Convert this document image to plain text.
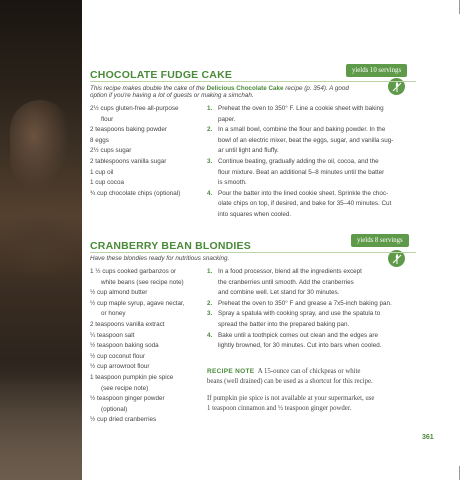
yields 10 servings
CHOCOLATE FUDGE CAKE
This recipe makes double the cake of the Delicious Chocolate Cake recipe (p. 354). A good
option if you're having a lot of guests or making a simchah.
2½ cups gluten-free all-purpose
flour
2 teaspoons baking powder
8 eggs
2½ cups sugar
2 tablespoons vanilla sugar
1 cup oil
1 cup cocoa
¾ cup chocolate chips (optional)
1. Preheat the oven to 350° F. Line a cookie sheet with baking
paper.
2. In a small bowl, combine the flour and baking powder. In the
bowl of an electric mixer, beat the eggs, sugar, and vanilla sug-
ar until light and fluffy.
3. Continue beating, gradually adding the oil, cocoa, and the
flour mixture. Beat an additional 5–8 minutes until the batter
is smooth.
4. Pour the batter into the lined cookie sheet. Sprinkle the choc-
olate chips on top, if desired, and bake for 35–40 minutes. Cut
into squares when cooled.
yields 8 servings
CRANBERRY BEAN BLONDIES
Have these blondies ready for nutritious snacking.
1 ½ cups cooked garbanzos or
white beans (see recipe note)
½ cup almond butter
½ cup maple syrup, agave nectar,
or honey
2 teaspoons vanilla extract
¼ teaspoon salt
½ teaspoon baking soda
½ cup coconut flour
½ cup arrowroot flour
1 teaspoon pumpkin pie spice
(see recipe note)
½ teaspoon ginger powder
(optional)
½ cup dried cranberries
1. In a food processor, blend all the ingredients except
the cranberries until smooth. Add the cranberries
and combine well. Let stand for 30 minutes.
2. Preheat the oven to 350° F and grease a 7x5-inch baking pan.
3. Spray a spatula with cooking spray, and use the spatula to
spread the batter into the prepared baking pan.
4. Bake until a toothpick comes out clean and the edges are
lightly browned, for 30 minutes. Cut into bars when cooled.
RECIPE NOTE A 15-ounce can of chickpeas or white
beans (well drained) can be used as a shortcut for this recipe.
If pumpkin pie spice is not available at your supermarket, use
1 teaspoon cinnamon and ½ teaspoon ginger powder.
361
